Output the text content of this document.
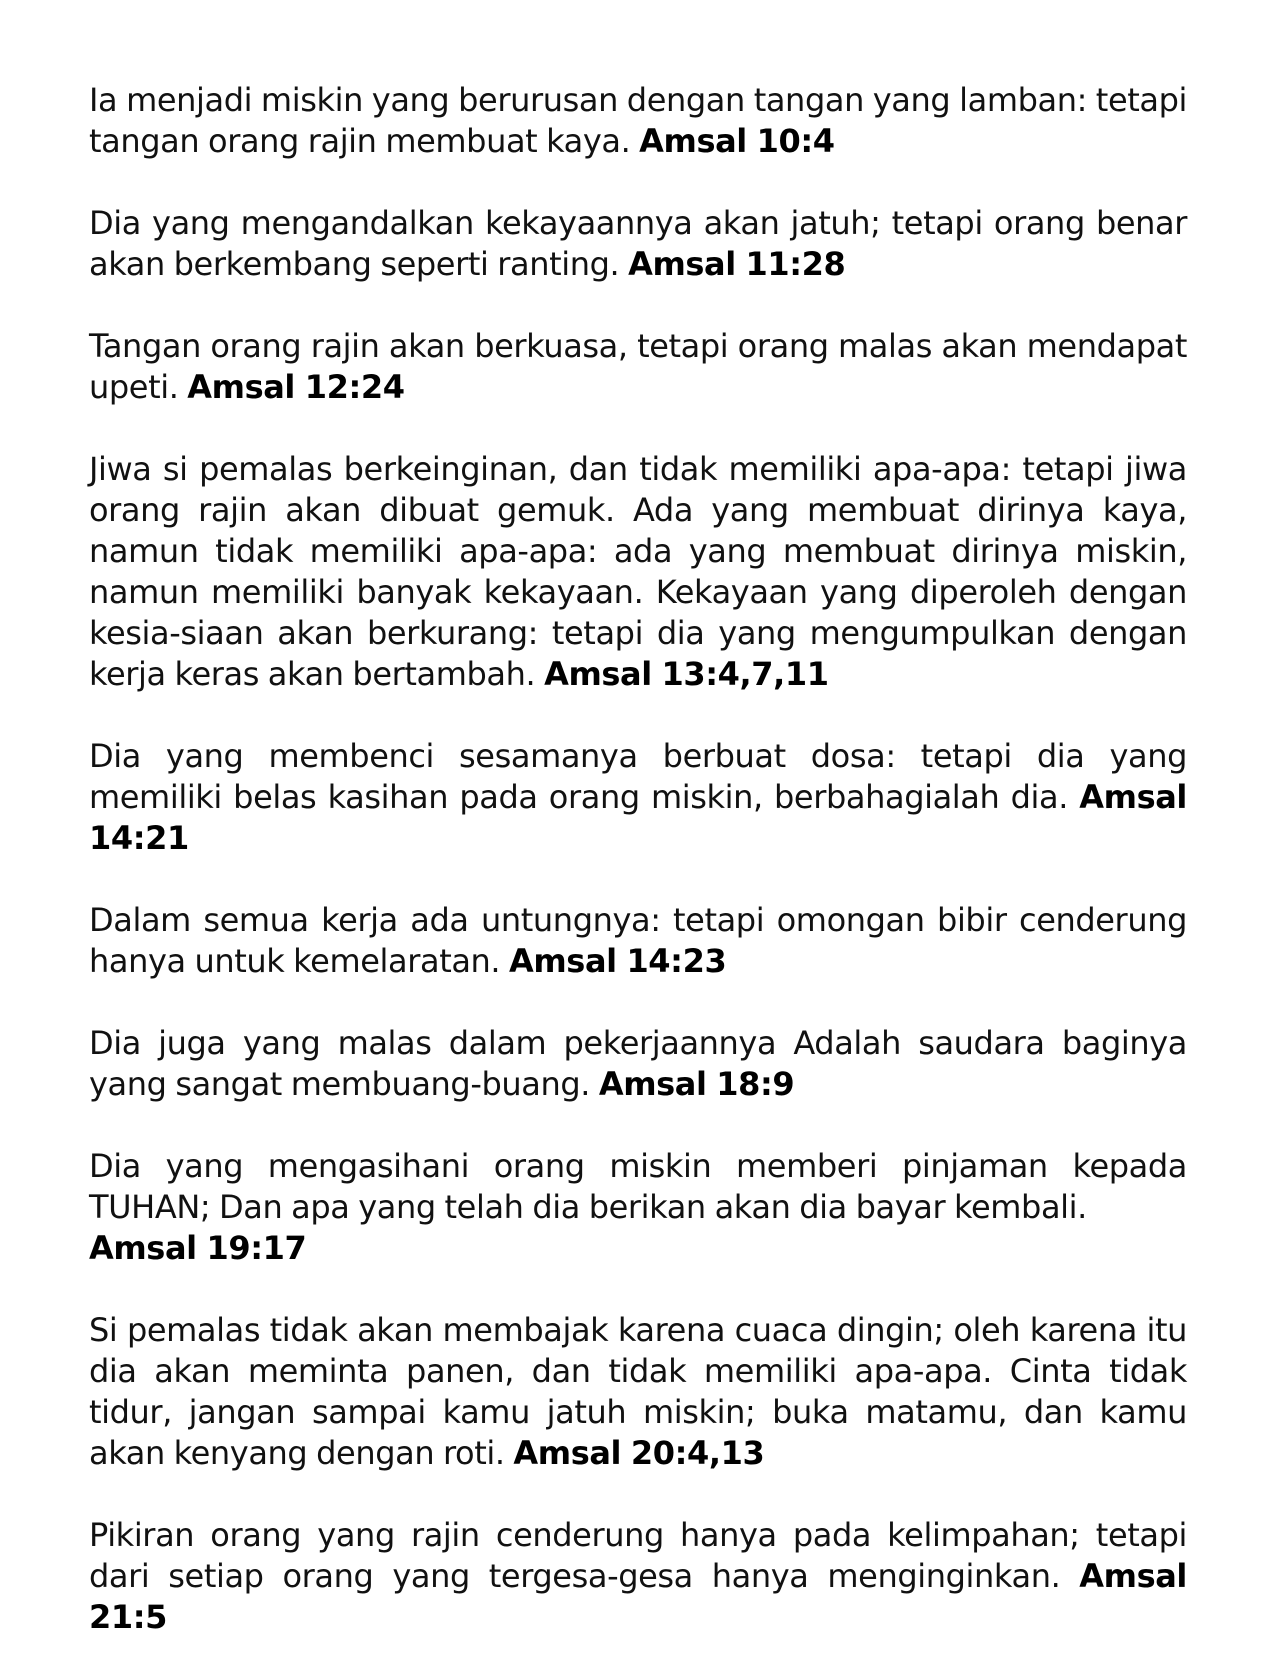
Ia menjadi miskin yang berurusan dengan tangan yang lamban: tetapi tangan orang rajin membuat kaya. Amsal 10:4

Dia yang mengandalkan kekayaannya akan jatuh; tetapi orang benar akan berkembang seperti ranting. Amsal 11:28

Tangan orang rajin akan berkuasa, tetapi orang malas akan mendapat upeti. Amsal 12:24

Jiwa si pemalas berkeinginan, dan tidak memiliki apa-apa: tetapi jiwa orang rajin akan dibuat gemuk. Ada yang membuat dirinya kaya, namun tidak memiliki apa-apa: ada yang membuat dirinya miskin, namun memiliki banyak kekayaan. Kekayaan yang diperoleh dengan kesia-siaan akan berkurang: tetapi dia yang mengumpulkan dengan kerja keras akan bertambah. Amsal 13:4,7,11

Dia yang membenci sesamanya berbuat dosa: tetapi dia yang memiliki belas kasihan pada orang miskin, berbahagialah dia. Amsal 14:21

Dalam semua kerja ada untungnya: tetapi omongan bibir cenderung hanya untuk kemelaratan. Amsal 14:23

Dia juga yang malas dalam pekerjaannya Adalah saudara baginya yang sangat membuang-buang. Amsal 18:9

Dia yang mengasihani orang miskin memberi pinjaman kepada TUHAN; Dan apa yang telah dia berikan akan dia bayar kembali.
Amsal 19:17

Si pemalas tidak akan membajak karena cuaca dingin; oleh karena itu dia akan meminta panen, dan tidak memiliki apa-apa. Cinta tidak tidur, jangan sampai kamu jatuh miskin; buka matamu, dan kamu akan kenyang dengan roti. Amsal 20:4,13

Pikiran orang yang rajin cenderung hanya pada kelimpahan; tetapi dari setiap orang yang tergesa-gesa hanya menginginkan. Amsal 21:5
